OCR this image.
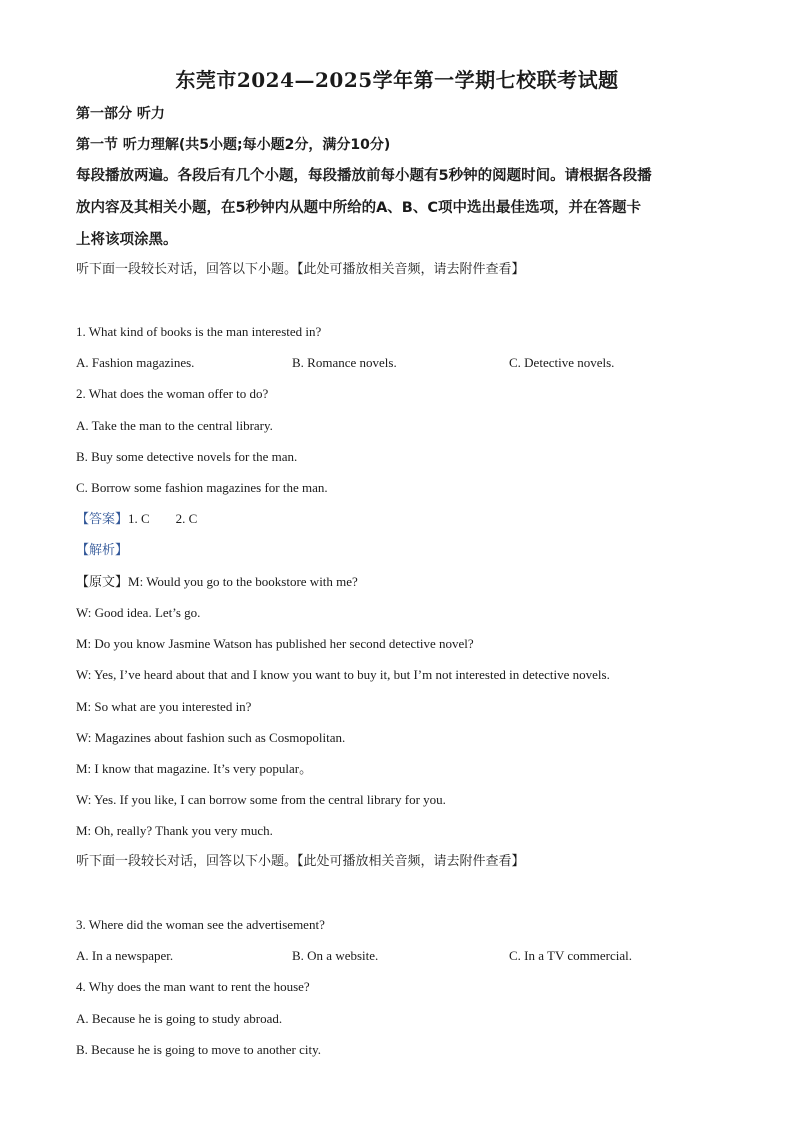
东莞市2024—2025学年第一学期七校联考试题
第一部分 听力
第一节 听力理解(共5小题;每小题2分，满分10分)
每段播放两遍。各段后有几个小题，每段播放前每小题有5秒钟的阅题时间。请根据各段播
放内容及其相关小题，在5秒钟内从题中所给的A、B、C项中选出最佳选项，并在答题卡
上将该项涂黑。
听下面一段较长对话，回答以下小题。【此处可播放相关音频，请去附件查看】
1. What kind of books is the man interested in?
A. Fashion magazines.	B. Romance novels.	C. Detective novels.
2. What does the woman offer to do?
A. Take the man to the central library.
B. Buy some detective novels for the man.
C. Borrow some fashion magazines for the man.
【答案】1. C        2. C
【解析】
【原文】M: Would you go to the bookstore with me?
W: Good idea. Let’s go.
M: Do you know Jasmine Watson has published her second detective novel?
W: Yes, I’ve heard about that and I know you want to buy it, but I’m not interested in detective novels.
M: So what are you interested in?
W: Magazines about fashion such as Cosmopolitan.
M: I know that magazine. It’s very popular。
W: Yes. If you like, I can borrow some from the central library for you.
M: Oh, really? Thank you very much.
听下面一段较长对话，回答以下小题。【此处可播放相关音频，请去附件查看】
3. Where did the woman see the advertisement?
A. In a newspaper.	B. On a website.	C. In a TV commercial.
4. Why does the man want to rent the house?
A. Because he is going to study abroad.
B. Because he is going to move to another city.
